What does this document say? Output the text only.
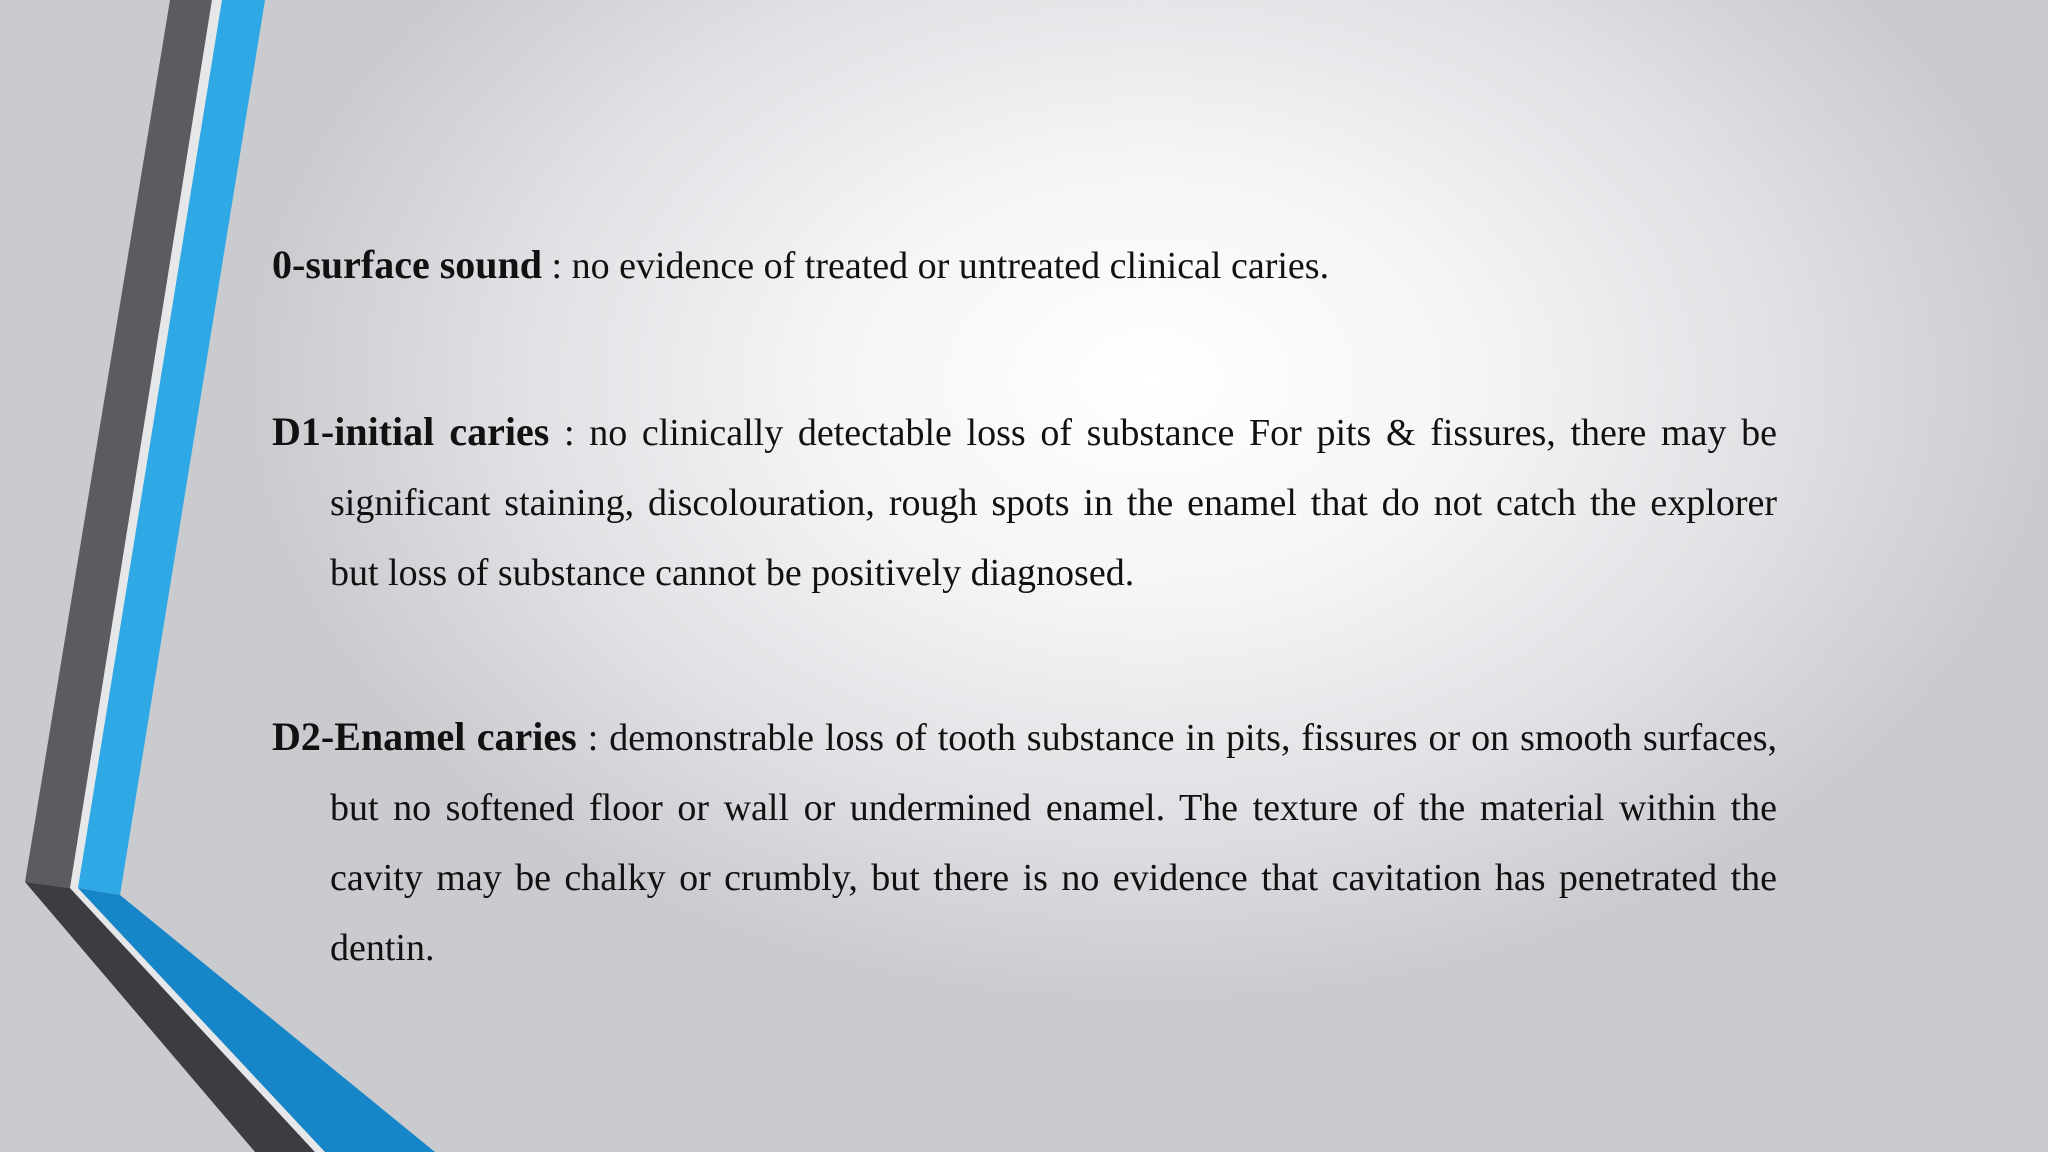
0-surface sound : no evidence of treated or untreated clinical caries.

D1-initial caries : no clinically detectable loss of substance For pits & fissures, there may be significant staining, discolouration, rough spots in the enamel that do not catch the explorer but loss of substance cannot be positively diagnosed.

D2-Enamel caries : demonstrable loss of tooth substance in pits, fissures or on smooth surfaces, but no softened floor or wall or undermined enamel. The texture of the material within the cavity may be chalky or crumbly, but there is no evidence that cavitation has penetrated the dentin.
